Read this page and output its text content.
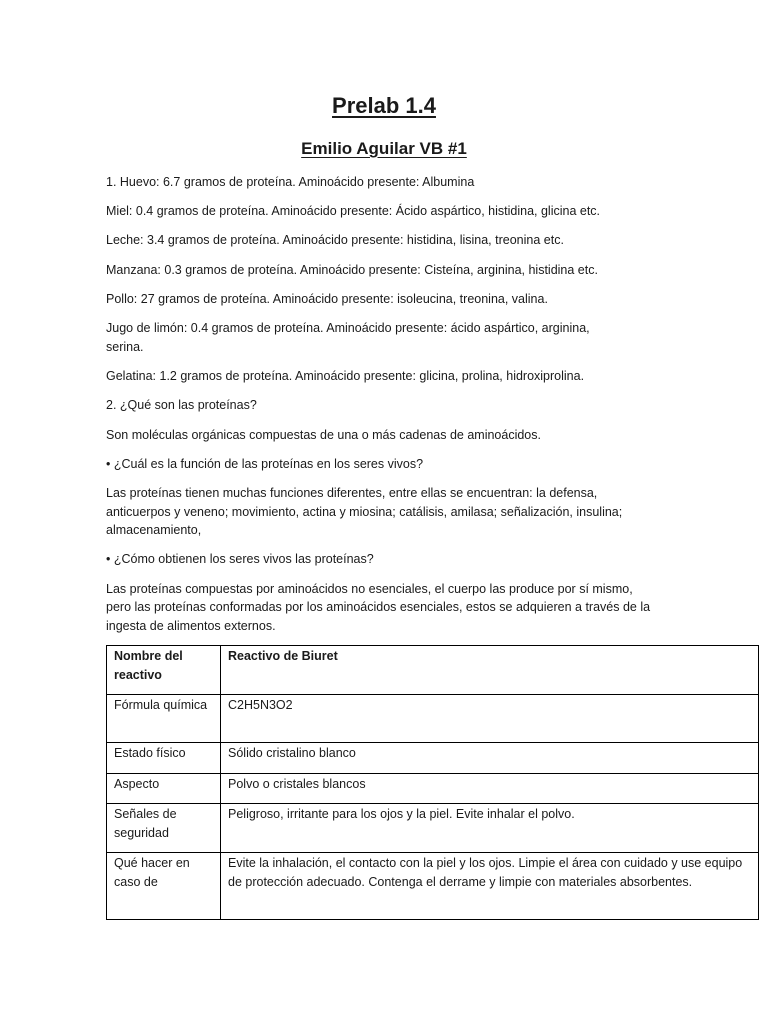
Prelab 1.4
Emilio Aguilar VB #1

1. Huevo: 6.7 gramos de proteína. Aminoácido presente: Albumina

Miel: 0.4 gramos de proteína. Aminoácido presente: Ácido aspártico, histidina, glicina etc.

Leche: 3.4 gramos de proteína. Aminoácido presente: histidina, lisina, treonina etc.

Manzana: 0.3 gramos de proteína. Aminoácido presente: Cisteína, arginina, histidina etc.

Pollo: 27 gramos de proteína. Aminoácido presente: isoleucina, treonina, valina.

Jugo de limón: 0.4 gramos de proteína. Aminoácido presente: ácido aspártico, arginina, serina.

Gelatina: 1.2 gramos de proteína. Aminoácido presente: glicina, prolina, hidroxiprolina.

2. ¿Qué son las proteínas?

Son moléculas orgánicas compuestas de una o más cadenas de aminoácidos.

• ¿Cuál es la función de las proteínas en los seres vivos?

Las proteínas tienen muchas funciones diferentes, entre ellas se encuentran: la defensa, anticuerpos y veneno; movimiento, actina y miosina; catálisis, amilasa; señalización, insulina; almacenamiento,

• ¿Cómo obtienen los seres vivos las proteínas?

Las proteínas compuestas por aminoácidos no esenciales, el cuerpo las produce por sí mismo, pero las proteínas conformadas por los aminoácidos esenciales, estos se adquieren a través de la ingesta de alimentos externos.

Nombre del reactivo	Reactivo de Biuret
Fórmula química	C2H5N3O2
Estado físico	Sólido cristalino blanco
Aspecto	Polvo o cristales blancos
Señales de seguridad	Peligroso, irritante para los ojos y la piel. Evite inhalar el polvo.
Qué hacer en caso de	Evite la inhalación, el contacto con la piel y los ojos. Limpie el área con cuidado y use equipo de protección adecuado. Contenga el derrame y limpie con materiales absorbentes.
